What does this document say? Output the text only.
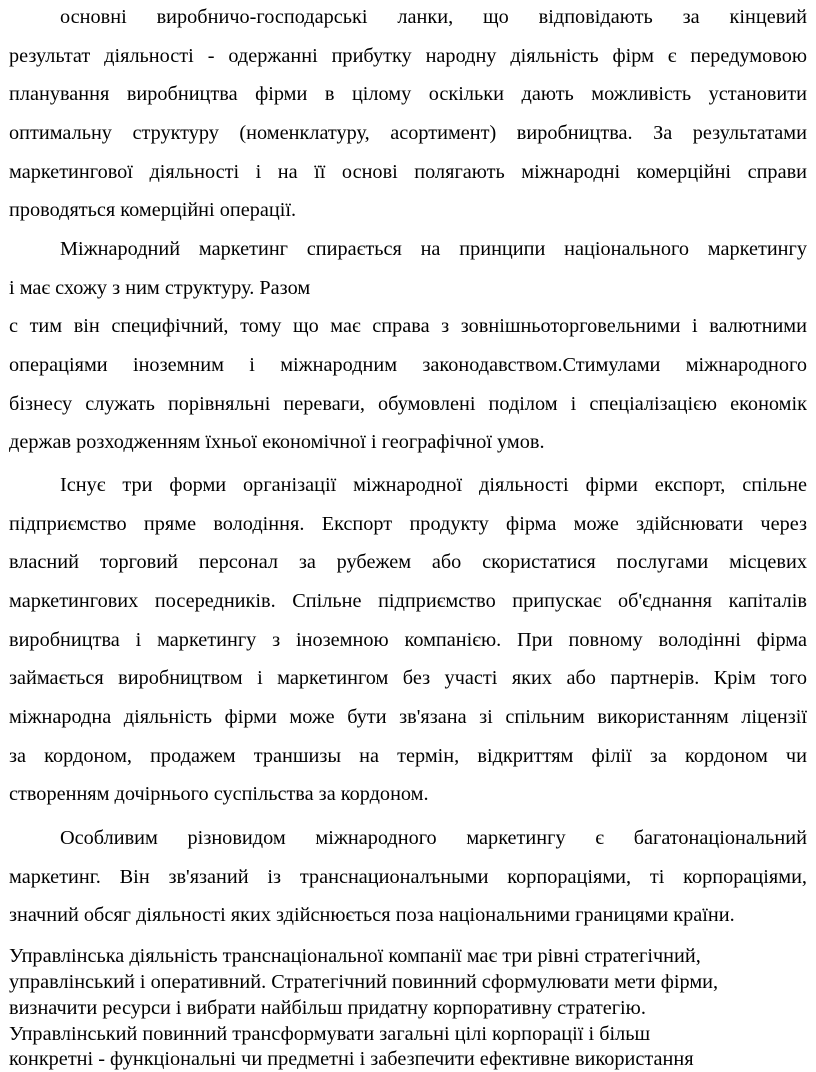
основні виробничо-господарські ланки, що відповідають за кінцевий
результат діяльності - одержанні прибутку народну діяльність фірм є передумовою
планування виробництва фірми в цілому оскільки дають можливість установити
оптимальну структуру (номенклатуру, асортимент) виробництва. За результатами
маркетингової діяльності і на її основі полягають міжнародні комерційні справи
проводяться комерційні операції.
Міжнародний маркетинг спирається на принципи національного маркетингу
і має схожу з ним структуру. Разом
с тим він специфічний, тому що має справа з зовнішньоторговельними і валютними
операціями іноземним і міжнародним законодавством.Стимулами міжнародного
бізнесу служать порівняльні переваги, обумовлені поділом і спеціалізацією економік
держав розходженням їхньої економічної і географічної умов.
Існує три форми організації міжнародної діяльності фірми експорт, спільне
підприємство пряме володіння. Експорт продукту фірма може здійснювати через
власний торговий персонал за рубежем або скористатися послугами місцевих
маркетингових посередників. Спільне підприємство припускає об'єднання капіталів
виробництва і маркетингу з іноземною компанією. При повному володінні фірма
займається виробництвом і маркетингом без участі яких або партнерів. Крім того
міжнародна діяльність фірми може бути зв'язана зі спільним використанням ліцензії
за кордоном, продажем траншизы на термін, відкриттям філії за кордоном чи
створенням дочірнього суспільства за кордоном.
Особливим різновидом міжнародного маркетингу є багатонаціональний
маркетинг. Він зв'язаний із транснационалъными корпораціями, ті корпораціями,
значний обсяг діяльності яких здійснюється поза національними границями країни.
Управлінська діяльність транснаціональної компанії має три рівні стратегічний,
управлінський і оперативний. Стратегічний повинний сформулювати мети фірми,
визначити ресурси і вибрати найбільш придатну корпоративну стратегію.
Управлінський повинний трансформувати загальні цілі корпорації і більш
конкретні - функціональні чи предметні і забезпечити ефективне використання
